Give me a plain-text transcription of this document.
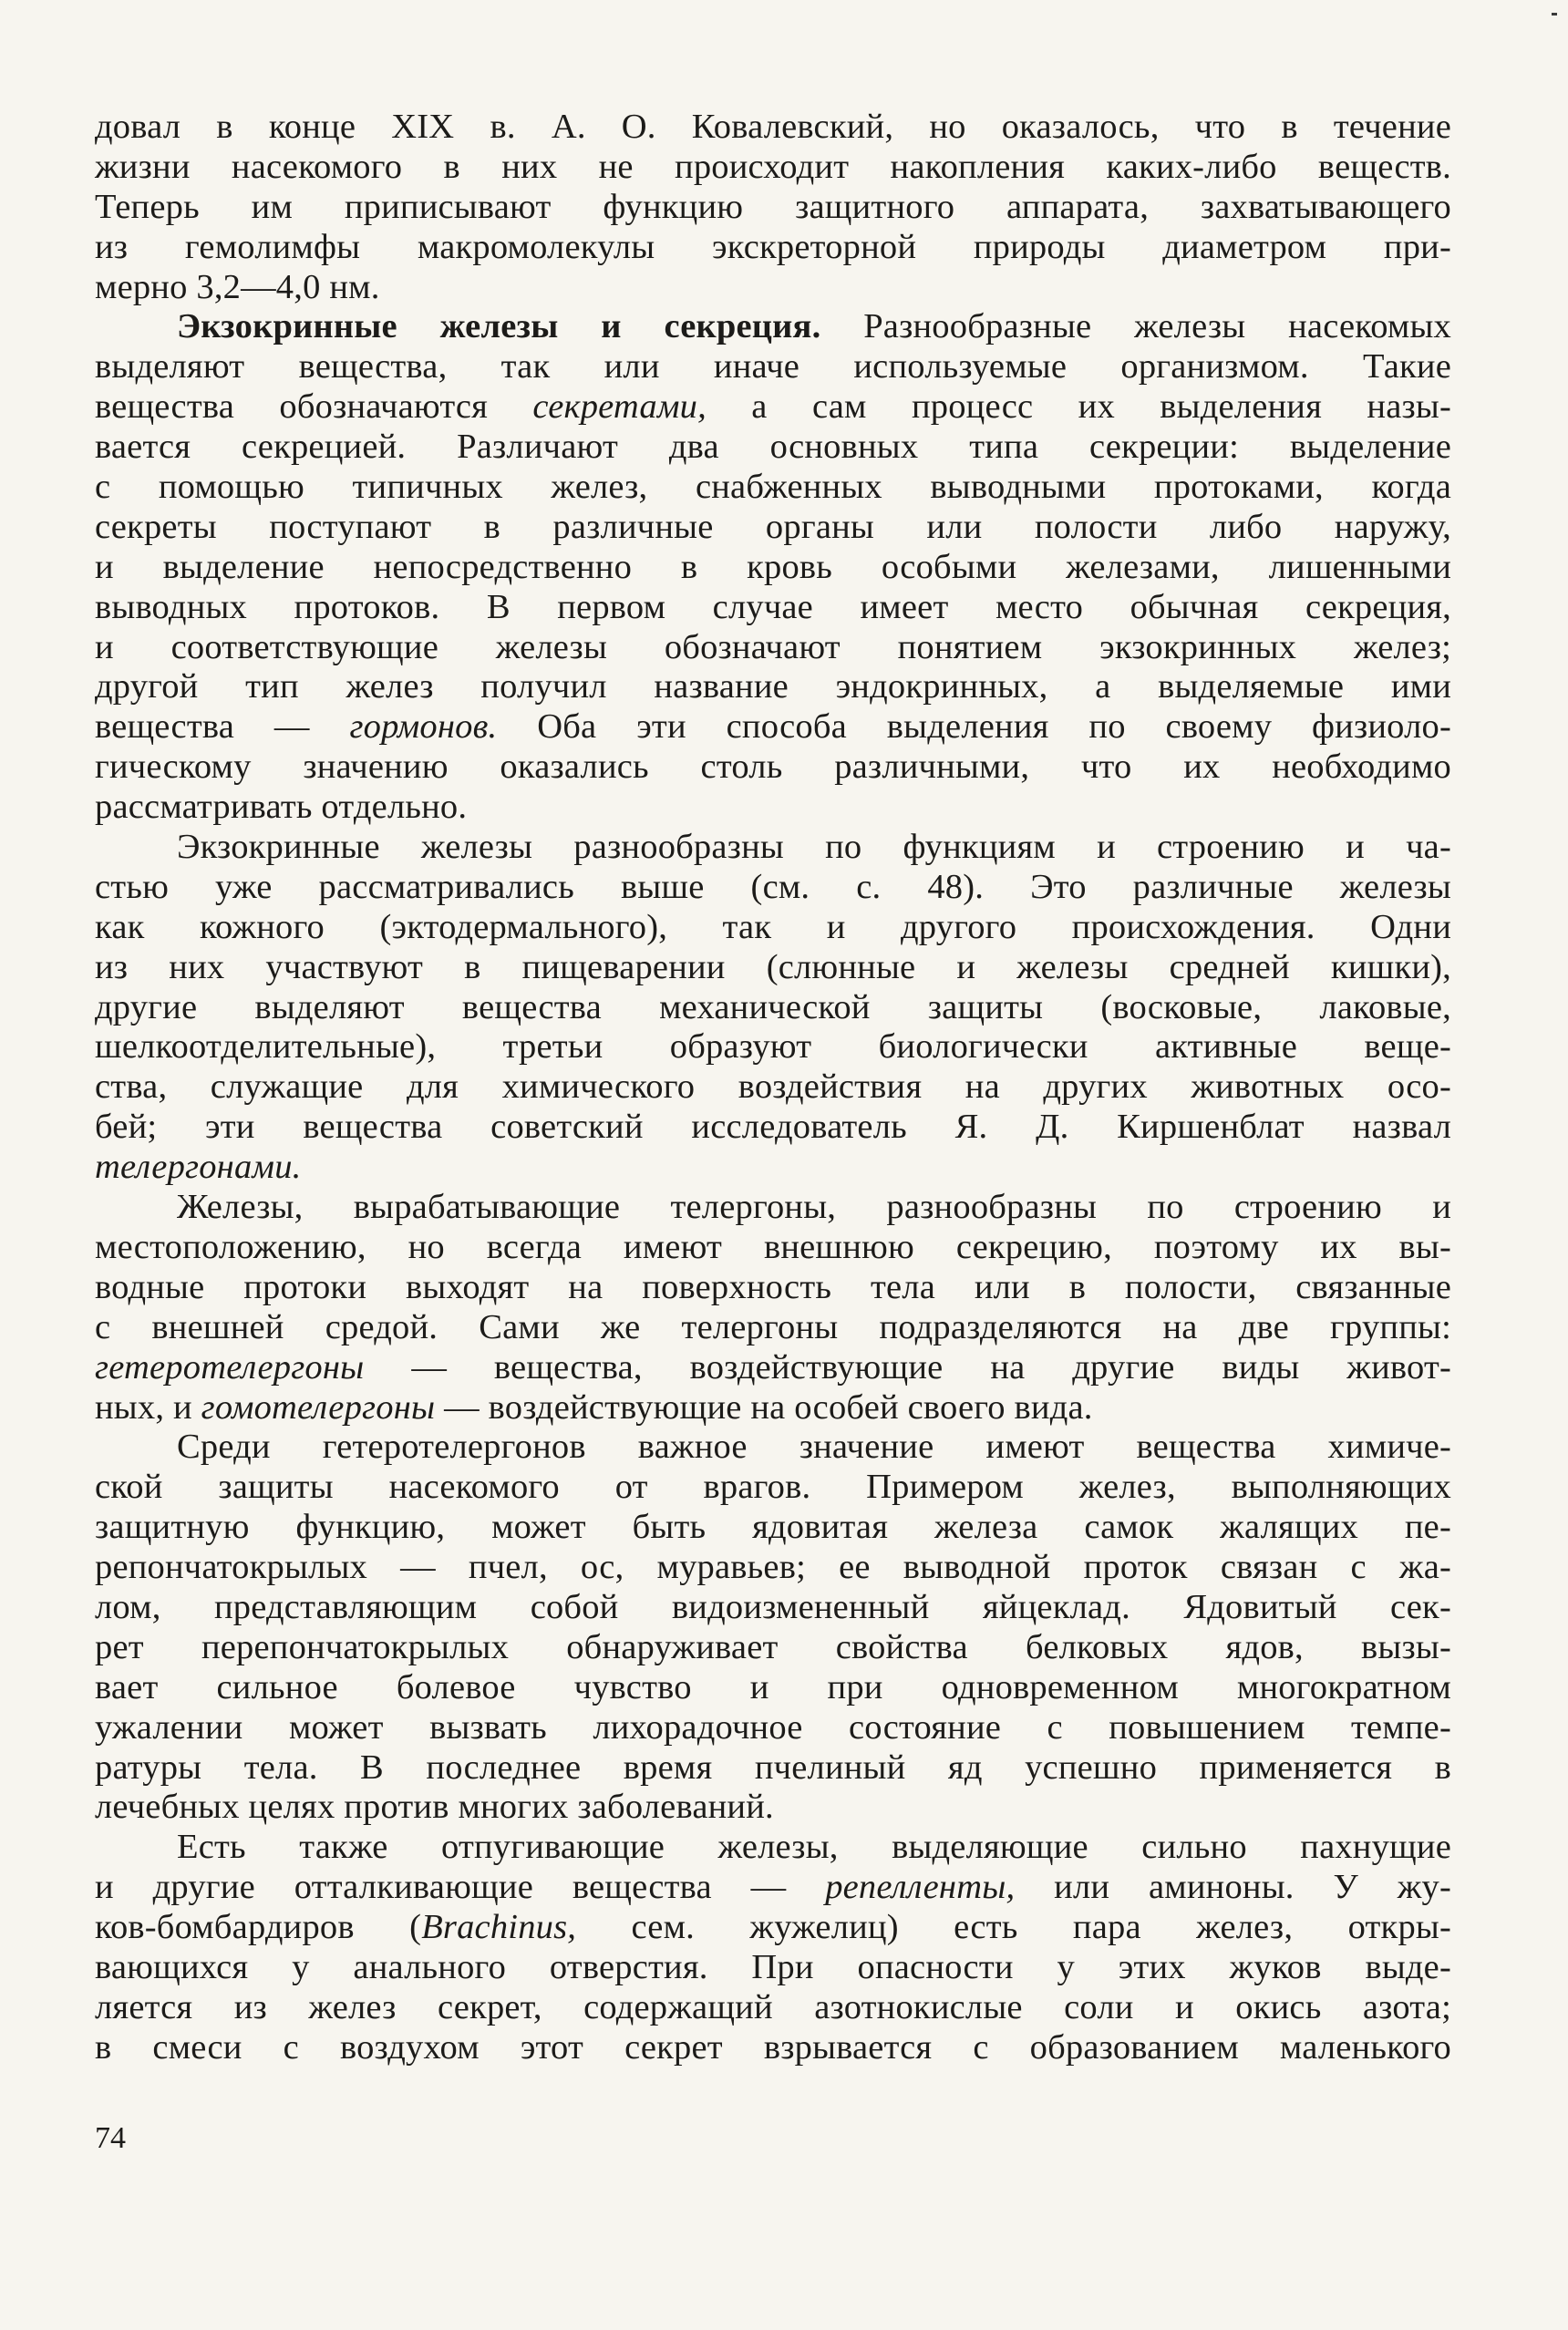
довал в конце XIX в. А. О. Ковалевский, но оказалось, что в течение
жизни насекомого в них не происходит накопления каких-либо веществ.
Теперь им приписывают функцию защитного аппарата, захватывающего
из гемолимфы макромолекулы экскреторной природы диаметром при-
мерно 3,2—4,0 нм.
Экзокринные железы и секреция. Разнообразные железы насекомых
выделяют вещества, так или иначе используемые организмом. Такие
вещества обозначаются секретами, а сам процесс их выделения назы-
вается секрецией. Различают два основных типа секреции: выделение
с помощью типичных желез, снабженных выводными протоками, когда
секреты поступают в различные органы или полости либо наружу,
и выделение непосредственно в кровь особыми железами, лишенными
выводных протоков. В первом случае имеет место обычная секреция,
и соответствующие железы обозначают понятием экзокринных желез;
другой тип желез получил название эндокринных, а выделяемые ими
вещества — гормонов. Оба эти способа выделения по своему физиоло-
гическому значению оказались столь различными, что их необходимо
рассматривать отдельно.
Экзокринные железы разнообразны по функциям и строению и ча-
стью уже рассматривались выше (см. с. 48). Это различные железы
как кожного (эктодермального), так и другого происхождения. Одни
из них участвуют в пищеварении (слюнные и железы средней кишки),
другие выделяют вещества механической защиты (восковые, лаковые,
шелкоотделительные), третьи образуют биологически активные веще-
ства, служащие для химического воздействия на других животных осо-
бей; эти вещества советский исследователь Я. Д. Киршенблат назвал
телергонами.
Железы, вырабатывающие телергоны, разнообразны по строению и
местоположению, но всегда имеют внешнюю секрецию, поэтому их вы-
водные протоки выходят на поверхность тела или в полости, связанные
с внешней средой. Сами же телергоны подразделяются на две группы:
гетеротелергоны — вещества, воздействующие на другие виды живот-
ных, и гомотелергоны — воздействующие на особей своего вида.
Среди гетеротелергонов важное значение имеют вещества химиче-
ской защиты насекомого от врагов. Примером желез, выполняющих
защитную функцию, может быть ядовитая железа самок жалящих пе-
репончатокрылых — пчел, ос, муравьев; ее выводной проток связан с жа-
лом, представляющим собой видоизмененный яйцеклад. Ядовитый сек-
рет перепончатокрылых обнаруживает свойства белковых ядов, вызы-
вает сильное болевое чувство и при одновременном многократном
ужалении может вызвать лихорадочное состояние с повышением темпе-
ратуры тела. В последнее время пчелиный яд успешно применяется в
лечебных целях против многих заболеваний.
Есть также отпугивающие железы, выделяющие сильно пахнущие
и другие отталкивающие вещества — репелленты, или аминоны. У жу-
ков-бомбардиров (Brachinus, сем. жужелиц) есть пара желез, откры-
вающихся у анального отверстия. При опасности у этих жуков выде-
ляется из желез секрет, содержащий азотнокислые соли и окись азота;
в смеси с воздухом этот секрет взрывается с образованием маленького
74
